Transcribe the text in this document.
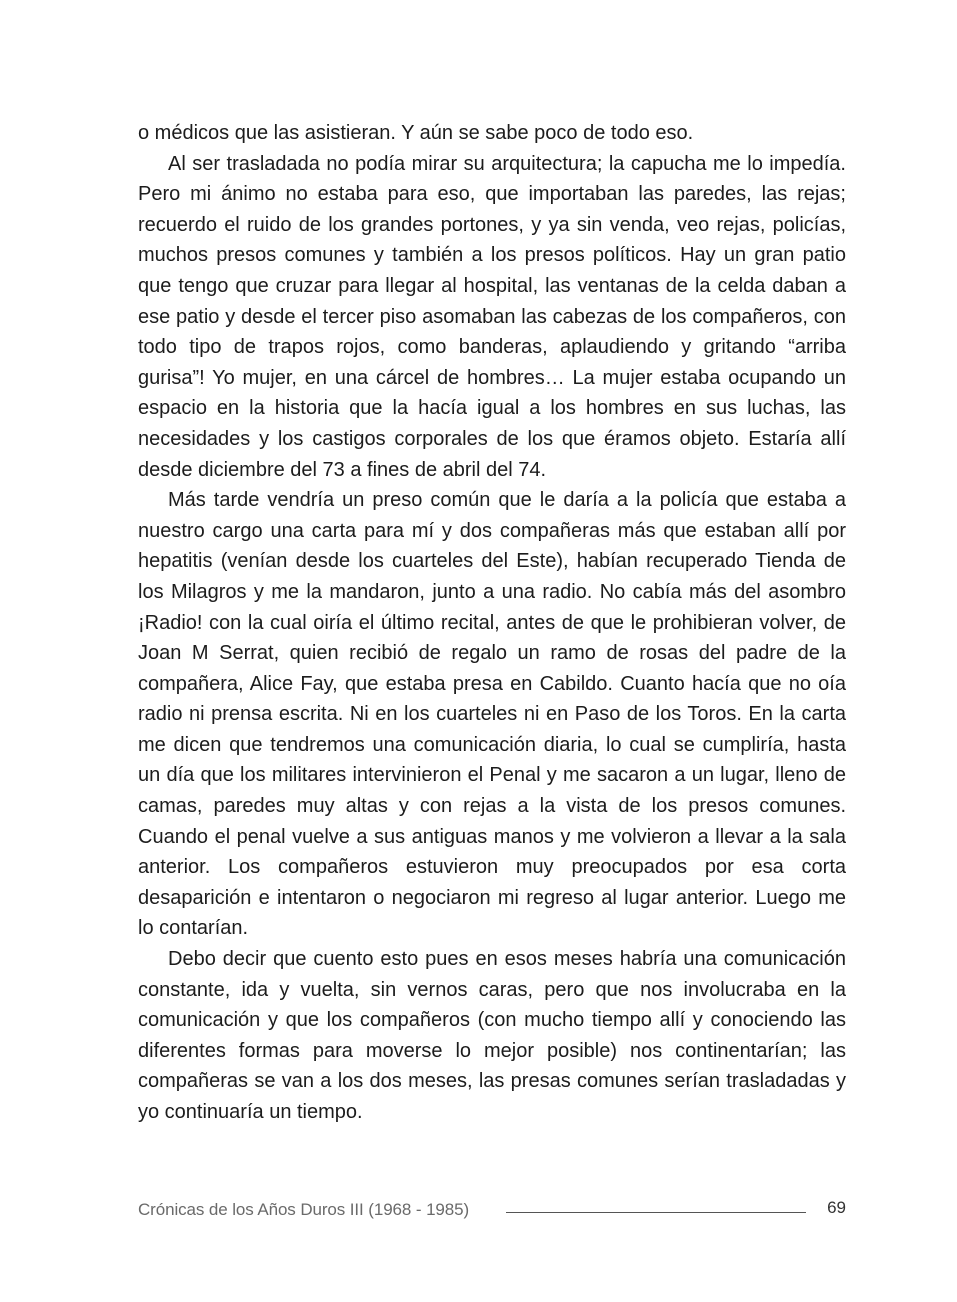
o médicos que las asistieran. Y aún se sabe poco de todo eso.

Al ser trasladada no podía mirar su arquitectura; la capucha me lo impedía. Pero mi ánimo no estaba para eso, que importaban las paredes, las rejas; recuerdo el ruido de los grandes portones, y ya sin venda, veo rejas, policías, muchos presos comunes y también a los presos políticos. Hay un gran patio que tengo que cruzar para llegar al hospital, las ventanas de la celda daban a ese patio y desde el tercer piso asomaban las cabezas de los compañeros, con todo tipo de trapos rojos, como banderas, aplaudiendo y gritando “arriba gurisa”! Yo mujer, en una cárcel de hombres… La mujer estaba ocupando un espacio en la historia que la hacía igual a los hombres en sus luchas, las necesidades y los castigos corporales de los que éramos objeto. Estaría allí desde diciembre del 73 a fines de abril del 74.

Más tarde vendría un preso común que le daría a la policía que estaba a nuestro cargo una carta para mí y dos compañeras más que estaban allí por hepatitis (venían desde los cuarteles del Este), habían recuperado Tienda de los Milagros y me la mandaron, junto a una radio. No cabía más del asombro ¡Radio! con la cual oiría el último recital, antes de que le prohibieran volver, de Joan M Serrat, quien recibió de regalo un ramo de rosas del padre de la compañera, Alice Fay, que estaba presa en Cabildo. Cuanto hacía que no oía radio ni prensa escrita. Ni en los cuarteles ni en Paso de los Toros. En la carta me dicen que tendremos una comunicación diaria, lo cual se cumpliría, hasta un día que los militares intervinieron el Penal y me sacaron a un lugar, lleno de camas, paredes muy altas y con rejas a la vista de los presos comunes. Cuando el penal vuelve a sus antiguas manos y me volvieron a llevar a la sala anterior. Los compañeros estuvieron muy preocupados por esa corta desaparición e intentaron o negociaron mi regreso al lugar anterior. Luego me lo contarían.

Debo decir que cuento esto pues en esos meses habría una comunicación constante, ida y vuelta, sin vernos caras, pero que nos involucraba en la comunicación y que los compañeros (con mucho tiempo allí y conociendo las diferentes formas para moverse lo mejor posible) nos continentarían; las compañeras se van a los dos meses, las presas comunes serían trasladadas y yo continuaría un tiempo.

Crónicas de los Años Duros III (1968 - 1985)	69
